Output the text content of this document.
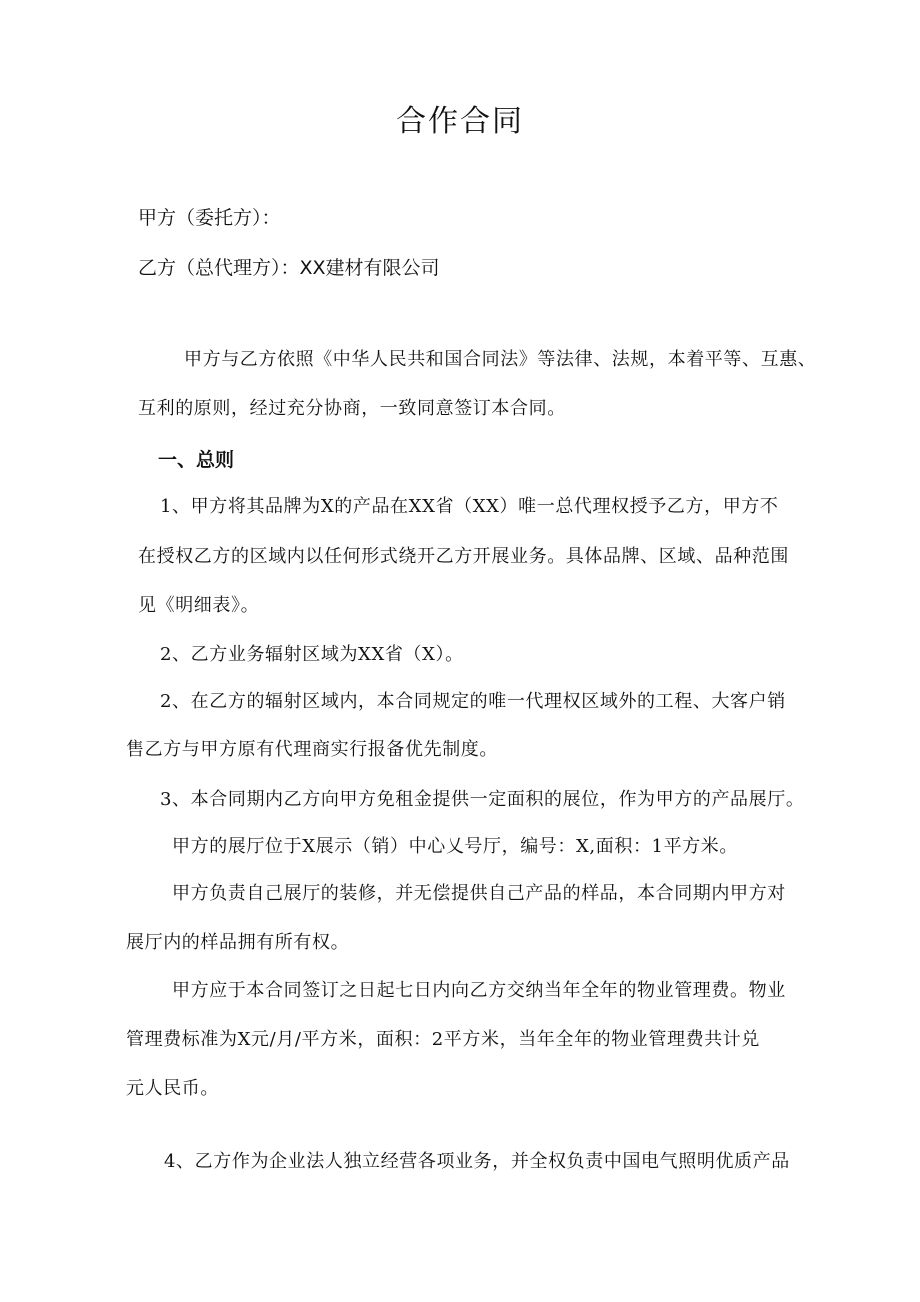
合作合同
甲方（委托方）：
乙方（总代理方）：XX建材有限公司
甲方与乙方依照《中华人民共和国合同法》等法律、法规，本着平等、互惠、
互利的原则，经过充分协商，一致同意签订本合同。
一、总则
1、甲方将其品牌为X的产品在XX省（XX）唯一总代理权授予乙方，甲方不
在授权乙方的区域内以任何形式绕开乙方开展业务。具体品牌、区域、品种范围
见《明细表》。
2、乙方业务辐射区域为XX省（X）。
2、在乙方的辐射区域内，本合同规定的唯一代理权区域外的工程、大客户销
售乙方与甲方原有代理商实行报备优先制度。
3、本合同期内乙方向甲方免租金提供一定面积的展位，作为甲方的产品展厅。
甲方的展厅位于X展示（销）中心乂号厅，编号：X,面积：1平方米。
甲方负责自己展厅的装修，并无偿提供自己产品的样品，本合同期内甲方对
展厅内的样品拥有所有权。
甲方应于本合同签订之日起七日内向乙方交纳当年全年的物业管理费。物业
管理费标准为X元/月/平方米，面积：2平方米，当年全年的物业管理费共计兑
元人民币。
4、乙方作为企业法人独立经营各项业务，并全权负责中国电气照明优质产品
